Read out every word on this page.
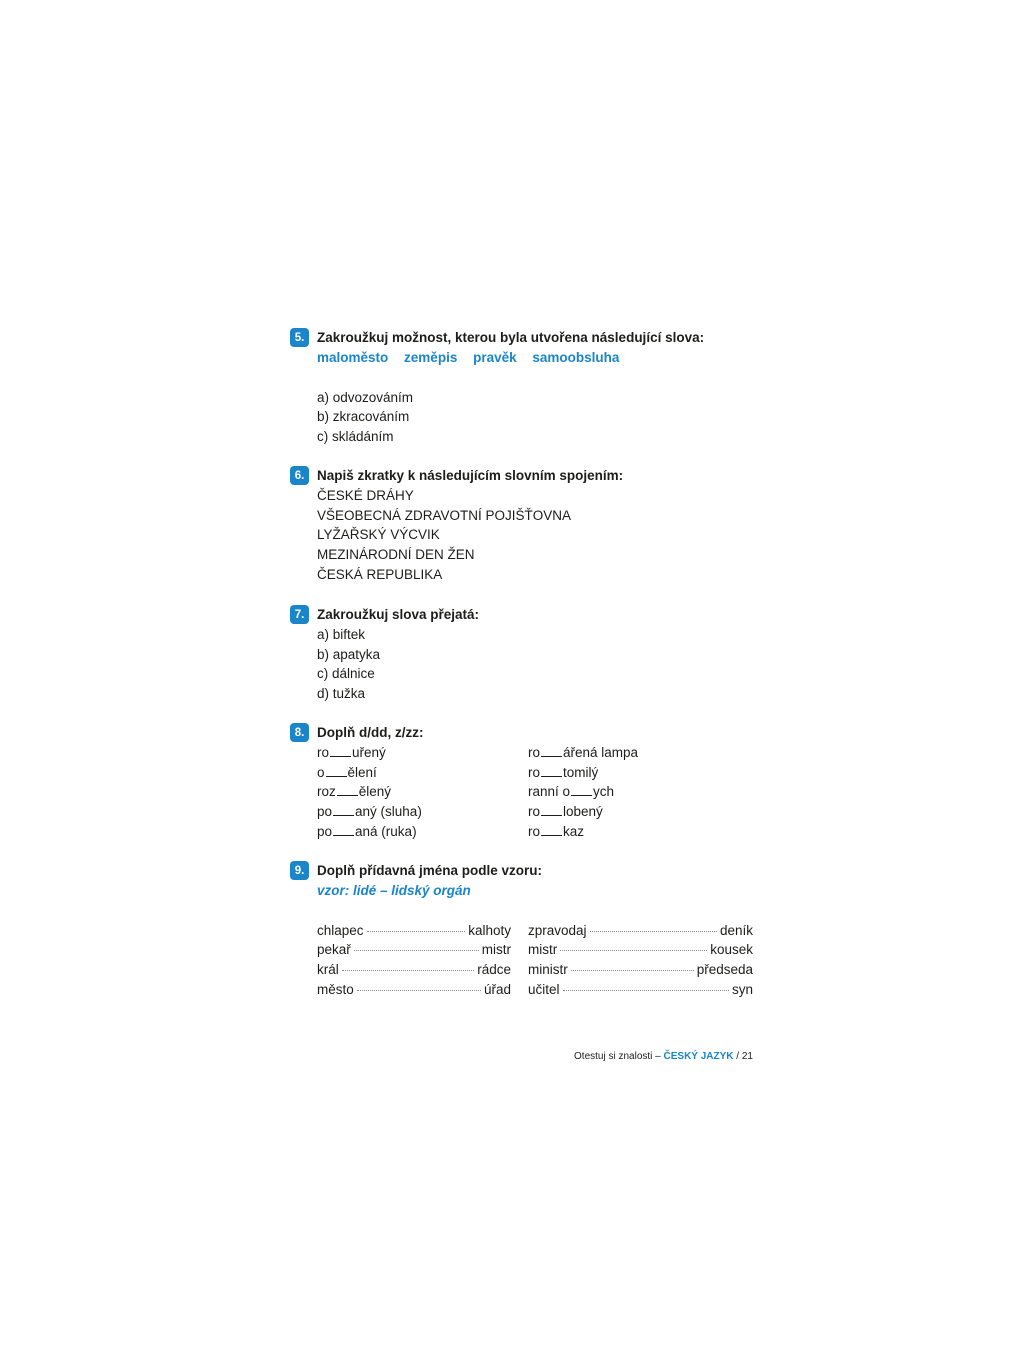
5. Zakroužkuj možnost, kterou byla utvořena následující slova:
maloměsto zeměpis pravěk samoobsluha
a) odvozováním
b) zkracováním
c) skládáním
6. Napiš zkratky k následujícím slovním spojením:
ČESKÉ DRÁHY
VŠEOBECNÁ ZDRAVOTNÍ POJIŠŤOVNA
LYŽAŘSKÝ VÝCVIK
MEZINÁRODNÍ DEN ŽEN
ČESKÁ REPUBLIKA
7. Zakroužkuj slova přejatá:
a) biftek
b) apatyka
c) dálnice
d) tužka
8. Doplň d/dd, z/zz:
ro uřený
o ělení
roz ělený
po aný (sluha)
po aná (ruka)
ro ářená lampa
ro tomilý
ranní o ych
ro lobený
ro kaz
9. Doplň přídavná jména podle vzoru:
vzor: lidé – lidský orgán
chlapec	kalhoty
pekař	mistr
král	rádce
město	úřad
zpravodaj	deník
mistr	kousek
ministr	předseda
učitel	syn
Otestuj si znalosti – ČESKÝ JAZYK / 21
